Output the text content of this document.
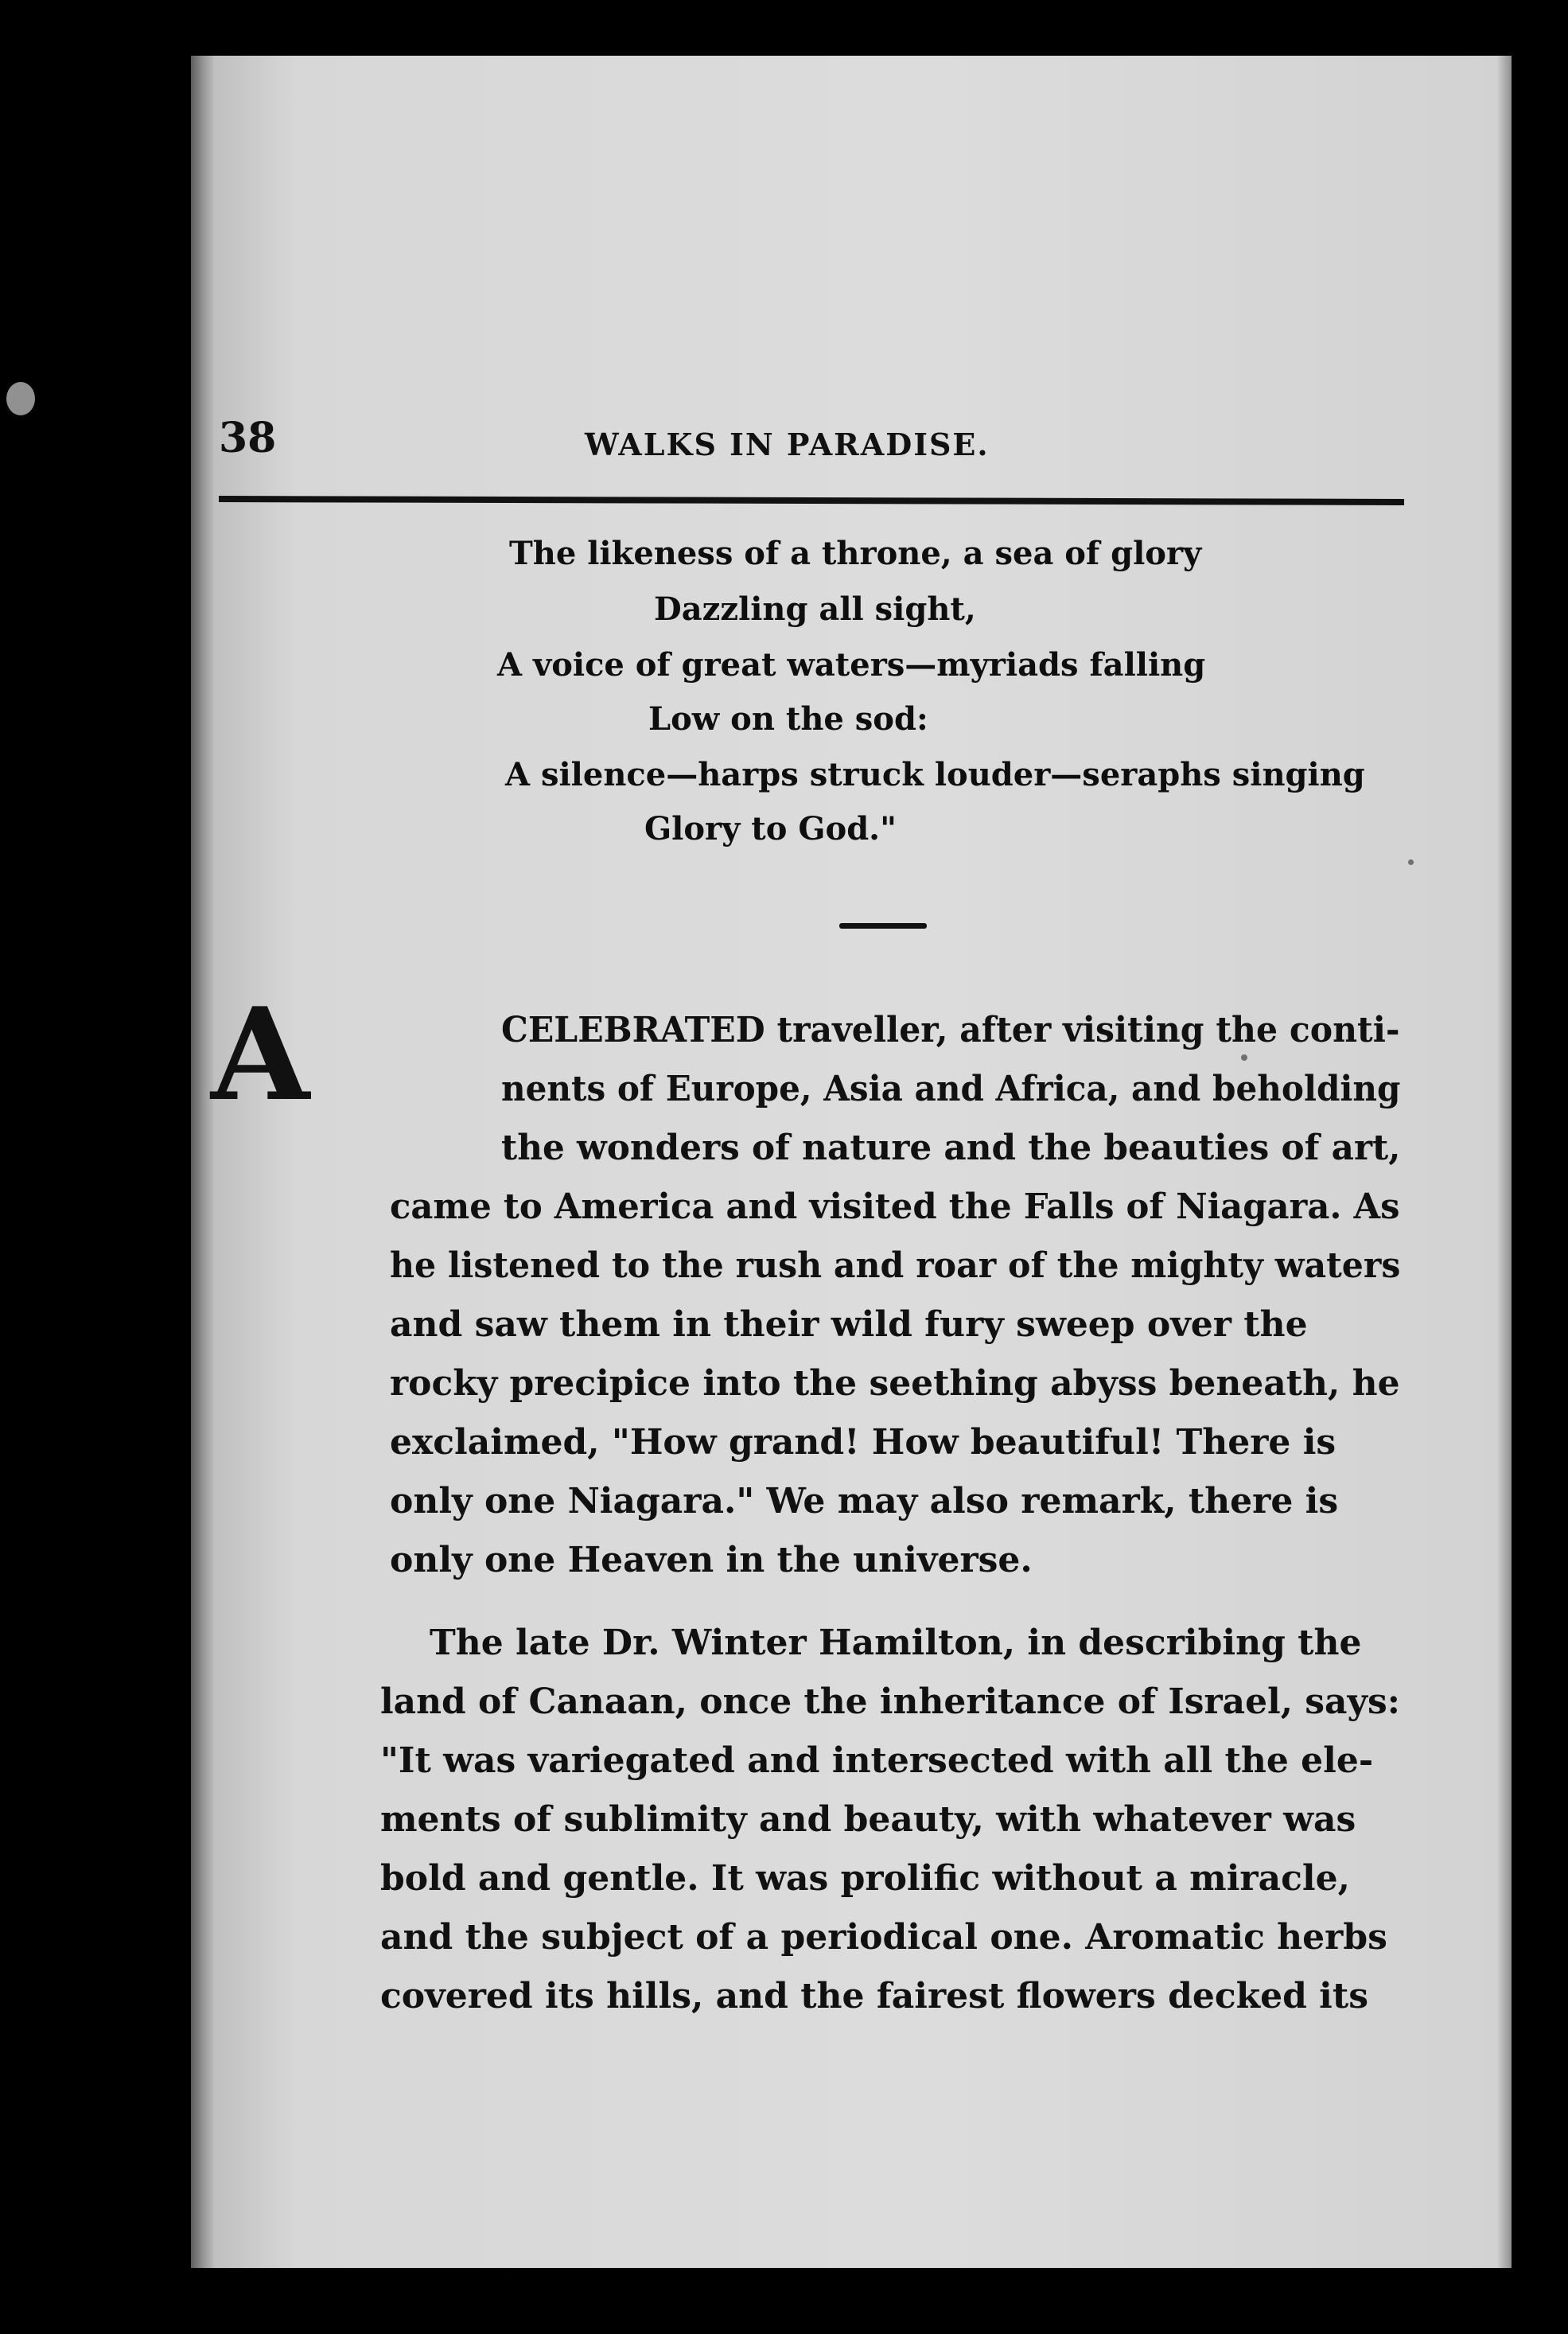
38	WALKS IN PARADISE.
The likeness of a throne, a sea of glory
Dazzling all sight,
A voice of great waters—myriads falling
Low on the sod:
A silence—harps struck louder—seraphs singing
Glory to God."
A	CELEBRATED traveller, after visiting the conti-
nents of Europe, Asia and Africa, and beholding
the wonders of nature and the beauties of art,
came to America and visited the Falls of Niagara. As
he listened to the rush and roar of the mighty waters
and saw them in their wild fury sweep over the
rocky precipice into the seething abyss beneath, he
exclaimed, "How grand! How beautiful! There is
only one Niagara." We may also remark, there is
only one Heaven in the universe.
The late Dr. Winter Hamilton, in describing the
land of Canaan, once the inheritance of Israel, says:
"It was variegated and intersected with all the ele-
ments of sublimity and beauty, with whatever was
bold and gentle. It was prolific without a miracle,
and the subject of a periodical one. Aromatic herbs
covered its hills, and the fairest flowers decked its
